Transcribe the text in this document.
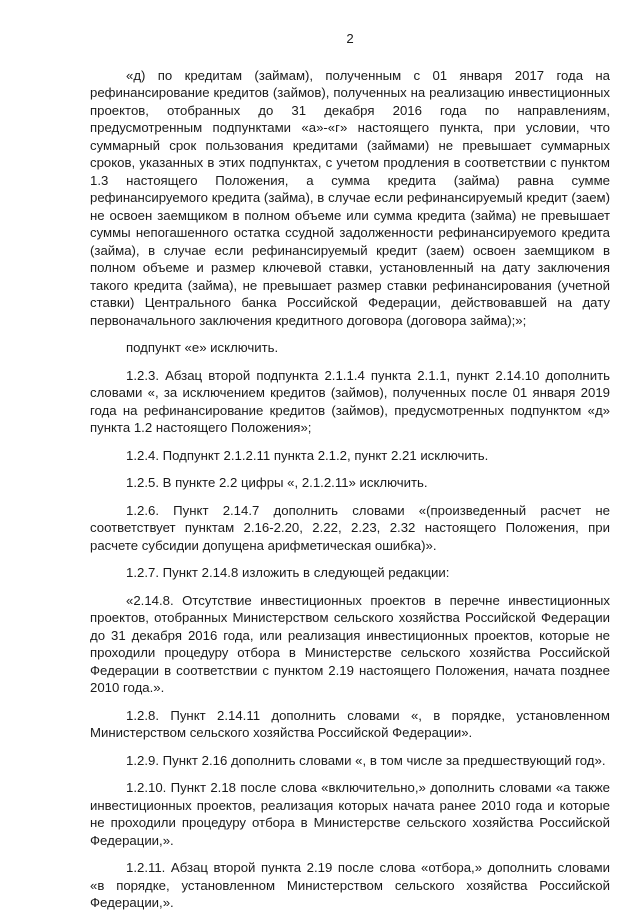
2

«д) по кредитам (займам), полученным с 01 января 2017 года на рефинансирование кредитов (займов), полученных на реализацию инвестиционных проектов, отобранных до 31 декабря 2016 года по направлениям, предусмотренным подпунктами «а»-«г» настоящего пункта, при условии, что суммарный срок пользования кредитами (займами) не превышает суммарных сроков, указанных в этих подпунктах, с учетом продления в соответствии с пунктом 1.3 настоящего Положения, а сумма кредита (займа) равна сумме рефинансируемого кредита (займа), в случае если рефинансируемый кредит (заем) не освоен заемщиком в полном объеме или сумма кредита (займа) не превышает суммы непогашенного остатка ссудной задолженности рефинансируемого кредита (займа), в случае если рефинансируемый кредит (заем) освоен заемщиком в полном объеме и размер ключевой ставки, установленный на дату заключения такого кредита (займа), не превышает размер ставки рефинансирования (учетной ставки) Центрального банка Российской Федерации, действовавшей на дату первоначального заключения кредитного договора (договора займа);»;

подпункт «е» исключить.

1.2.3. Абзац второй подпункта 2.1.1.4 пункта 2.1.1, пункт 2.14.10 дополнить словами «, за исключением кредитов (займов), полученных после 01 января 2019 года на рефинансирование кредитов (займов), предусмотренных подпунктом «д» пункта 1.2 настоящего Положения»;

1.2.4. Подпункт 2.1.2.11 пункта 2.1.2, пункт 2.21 исключить.

1.2.5. В пункте 2.2 цифры «, 2.1.2.11» исключить.

1.2.6. Пункт 2.14.7 дополнить словами «(произведенный расчет не соответствует пунктам 2.16-2.20, 2.22, 2.23, 2.32 настоящего Положения, при расчете субсидии допущена арифметическая ошибка)».

1.2.7. Пункт 2.14.8 изложить в следующей редакции:

«2.14.8. Отсутствие инвестиционных проектов в перечне инвестиционных проектов, отобранных Министерством сельского хозяйства Российской Федерации до 31 декабря 2016 года, или реализация инвестиционных проектов, которые не проходили процедуру отбора в Министерстве сельского хозяйства Российской Федерации в соответствии с пунктом 2.19 настоящего Положения, начата позднее 2010 года.».

1.2.8. Пункт 2.14.11 дополнить словами «, в порядке, установленном Министерством сельского хозяйства Российской Федерации».

1.2.9. Пункт 2.16 дополнить словами «, в том числе за предшествующий год».

1.2.10. Пункт 2.18 после слова «включительно,» дополнить словами «а также инвестиционных проектов, реализация которых начата ранее 2010 года и которые не проходили процедуру отбора в Министерстве сельского хозяйства Российской Федерации,».

1.2.11. Абзац второй пункта 2.19 после слова «отбора,» дополнить словами «в порядке, установленном Министерством сельского хозяйства Российской Федерации,».
